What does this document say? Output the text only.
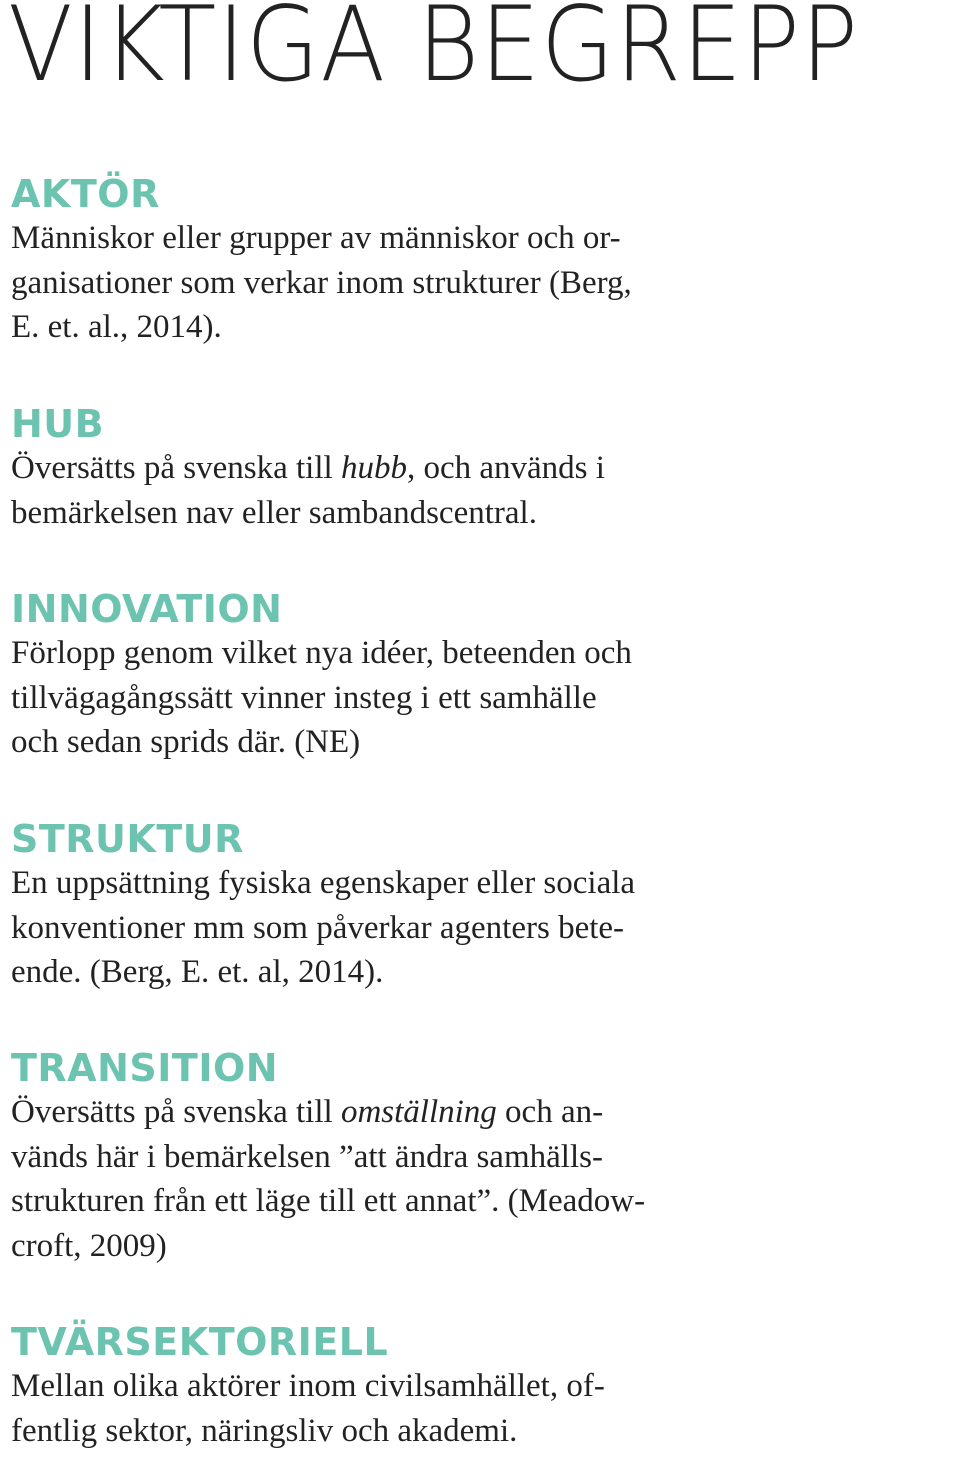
VIKTIGA BEGREPP
AKTÖR

Människor eller grupper av människor och or-
ganisationer som verkar inom strukturer (Berg,
E. et. al., 2014).

HUB

Översätts på svenska till hubb, och används i
bemärkelsen nav eller sambandscentral.

INNOVATION

Förlopp genom vilket nya idéer, beteenden och
tillvägagångssätt vinner insteg i ett samhälle
och sedan sprids där. (NE)

STRUKTUR

En uppsättning fysiska egenskaper eller sociala
konventioner mm som påverkar agenters bete-
ende. (Berg, E. et. al, 2014).

TRANSITION

Översätts på svenska till omställning och an-
vänds här i bemärkelsen ”att ändra samhälls-
strukturen från ett läge till ett annat”. (Meadow-
croft, 2009)

TVÄRSEKTORIELL

Mellan olika aktörer inom civilsamhället, of-
fentlig sektor, näringsliv och akademi.
